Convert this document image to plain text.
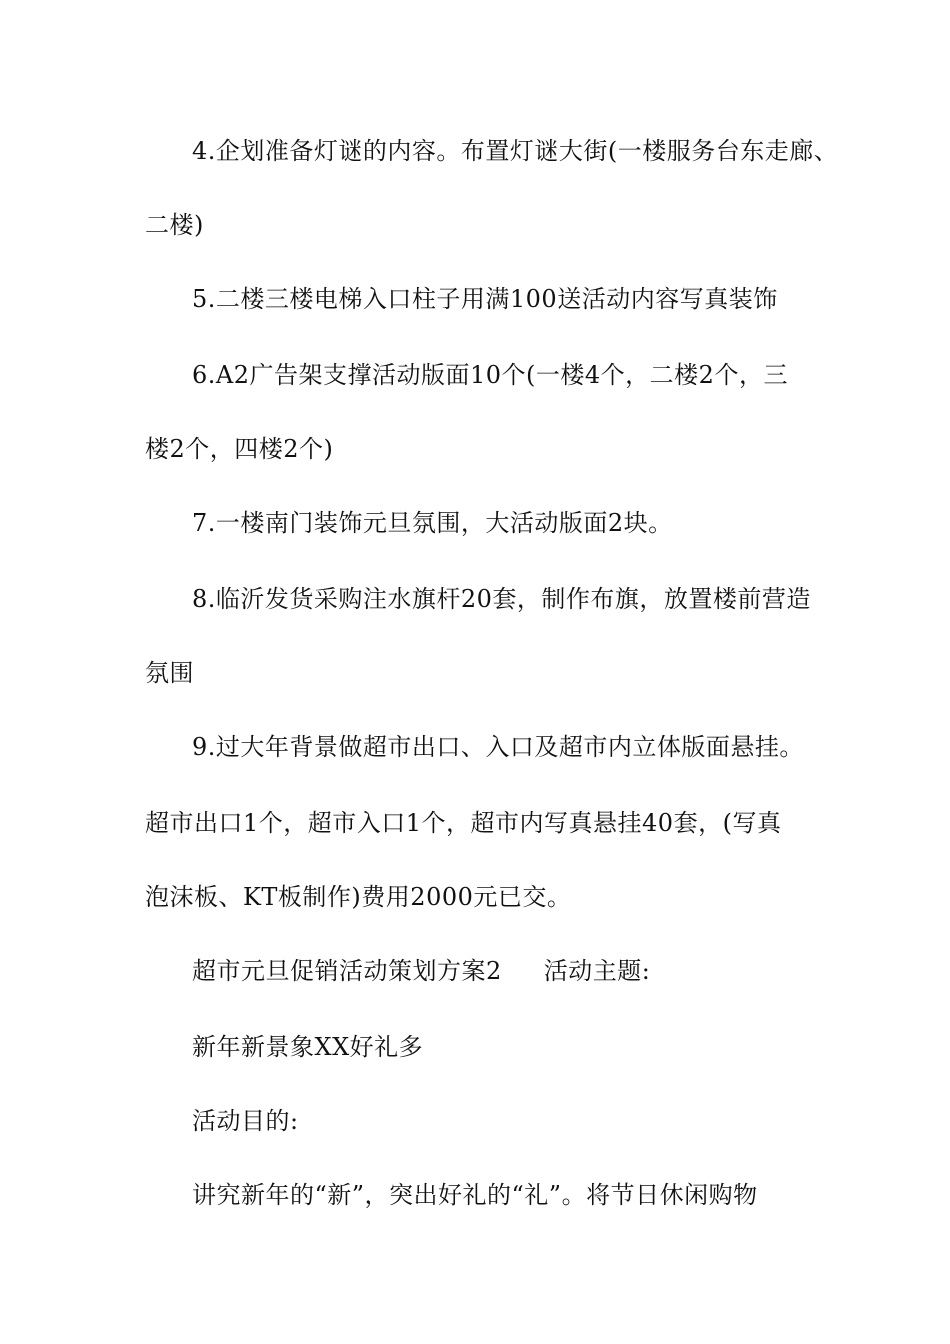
4.企划准备灯谜的内容。布置灯谜大街(一楼服务台东走廊、
二楼)
5.二楼三楼电梯入口柱子用满100送活动内容写真装饰
6.A2广告架支撑活动版面10个(一楼4个，二楼2个，三
楼2个，四楼2个)
7.一楼南门装饰元旦氛围，大活动版面2块。
8.临沂发货采购注水旗杆20套，制作布旗，放置楼前营造
氛围
9.过大年背景做超市出口、入口及超市内立体版面悬挂。
超市出口1个，超市入口1个，超市内写真悬挂40套，(写真
泡沫板、KT板制作)费用2000元已交。
超市元旦促销活动策划方案2 活动主题:
新年新景象XX好礼多
活动目的:
讲究新年的“新”，突出好礼的“礼”。将节日休闲购物
